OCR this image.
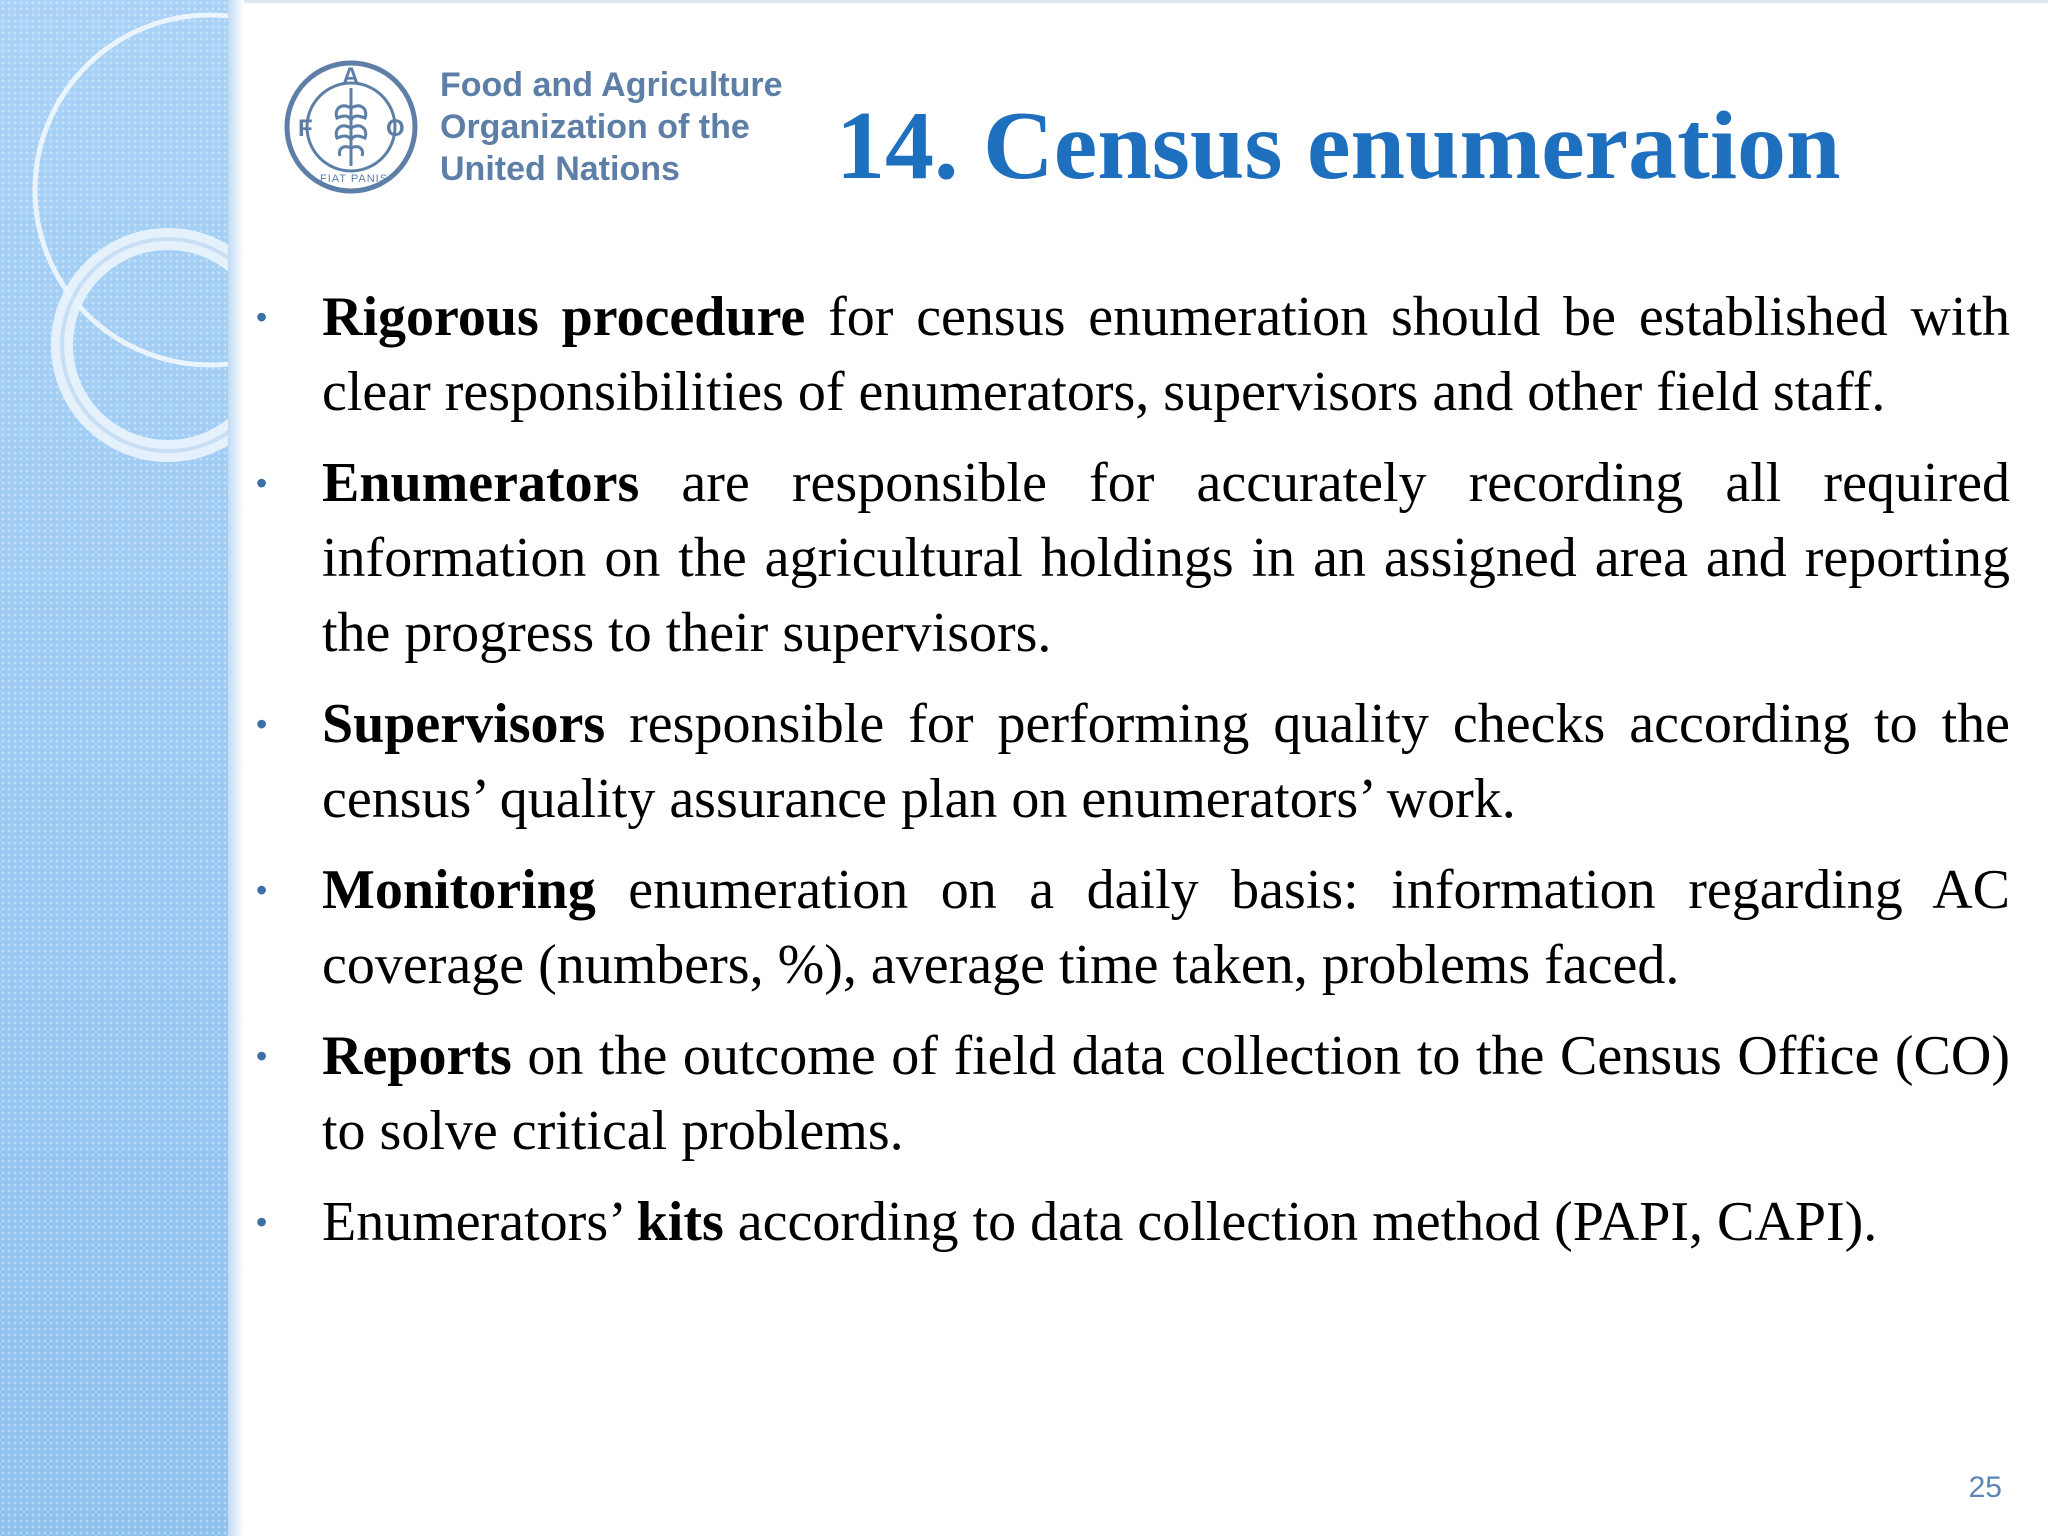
F
A
O
FIAT PANIS
Food and Agriculture
Organization of the
United Nations	14. Census enumeration
• Rigorous procedure for census enumeration should be established with clear responsibilities of enumerators, supervisors and other field staff.
• Enumerators are responsible for accurately recording all required information on the agricultural holdings in an assigned area and reporting the progress to their supervisors.
• Supervisors responsible for performing quality checks according to the census’ quality assurance plan on enumerators’ work.
• Monitoring enumeration on a daily basis: information regarding AC coverage (numbers, %), average time taken, problems faced.
• Reports on the outcome of field data collection to the Census Office (CO) to solve critical problems.
• Enumerators’ kits according to data collection method (PAPI, CAPI).
25
